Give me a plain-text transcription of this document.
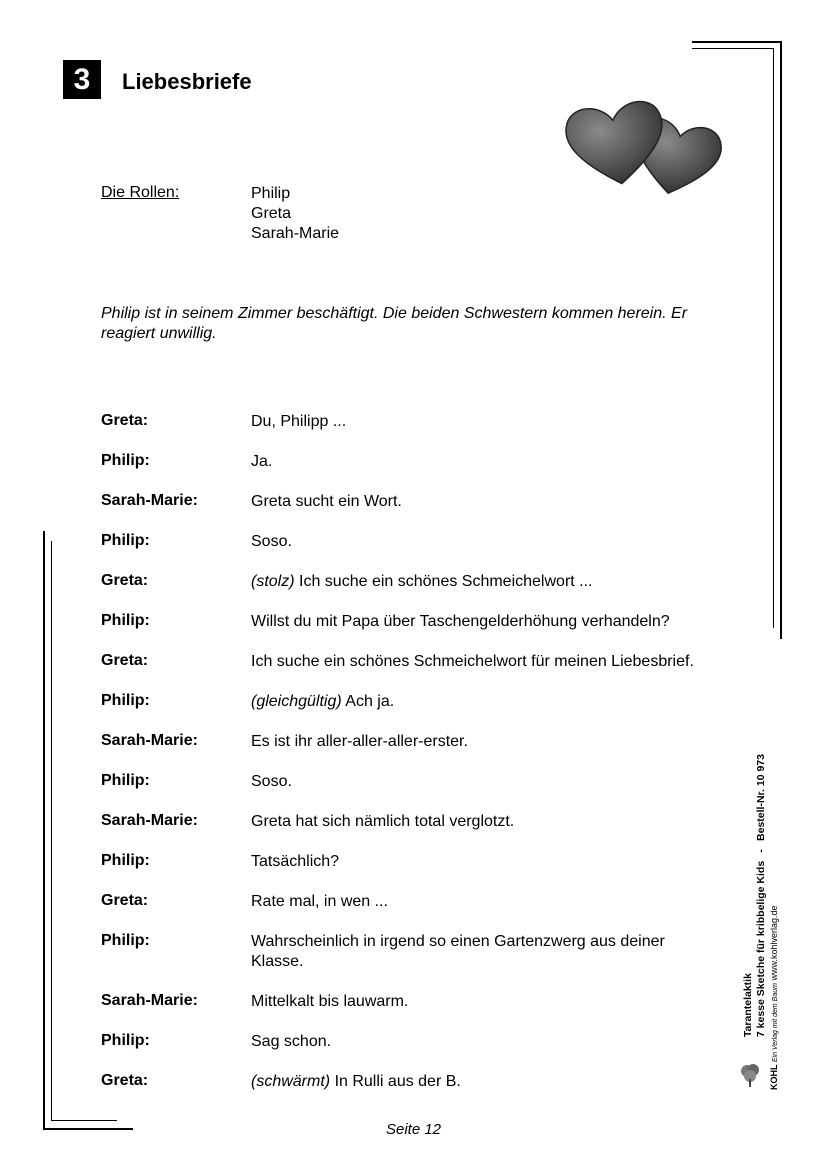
3	Liebesbriefe
Die Rollen:	Philip
Greta
Sarah-Marie
Philip ist in seinem Zimmer beschäftigt. Die beiden Schwestern kommen herein. Er reagiert unwillig.
Greta:	Du, Philipp ...
Philip:	Ja.
Sarah-Marie:	Greta sucht ein Wort.
Philip:	Soso.
Greta:	(stolz) Ich suche ein schönes Schmeichelwort ...
Philip:	Willst du mit Papa über Taschengelderhöhung verhandeln?
Greta:	Ich suche ein schönes Schmeichelwort für meinen Liebesbrief.
Philip:	(gleichgültig) Ach ja.
Sarah-Marie:	Es ist ihr aller-aller-aller-erster.
Philip:	Soso.
Sarah-Marie:	Greta hat sich nämlich total verglotzt.
Philip:	Tatsächlich?
Greta:	Rate mal, in wen ...
Philip:	Wahrscheinlich in irgend so einen Gartenzwerg aus deiner Klasse.
Sarah-Marie:	Mittelkalt bis lauwarm.
Philip:	Sag schon.
Greta:	(schwärmt) In Rulli aus der B.
Seite 12
Tarantelaktik 7 kesse Sketche für kribbelige Kids - Bestell-Nr. 10 973
KOHL Ein Verlag mit dem Baum www.kohlverlag.de
